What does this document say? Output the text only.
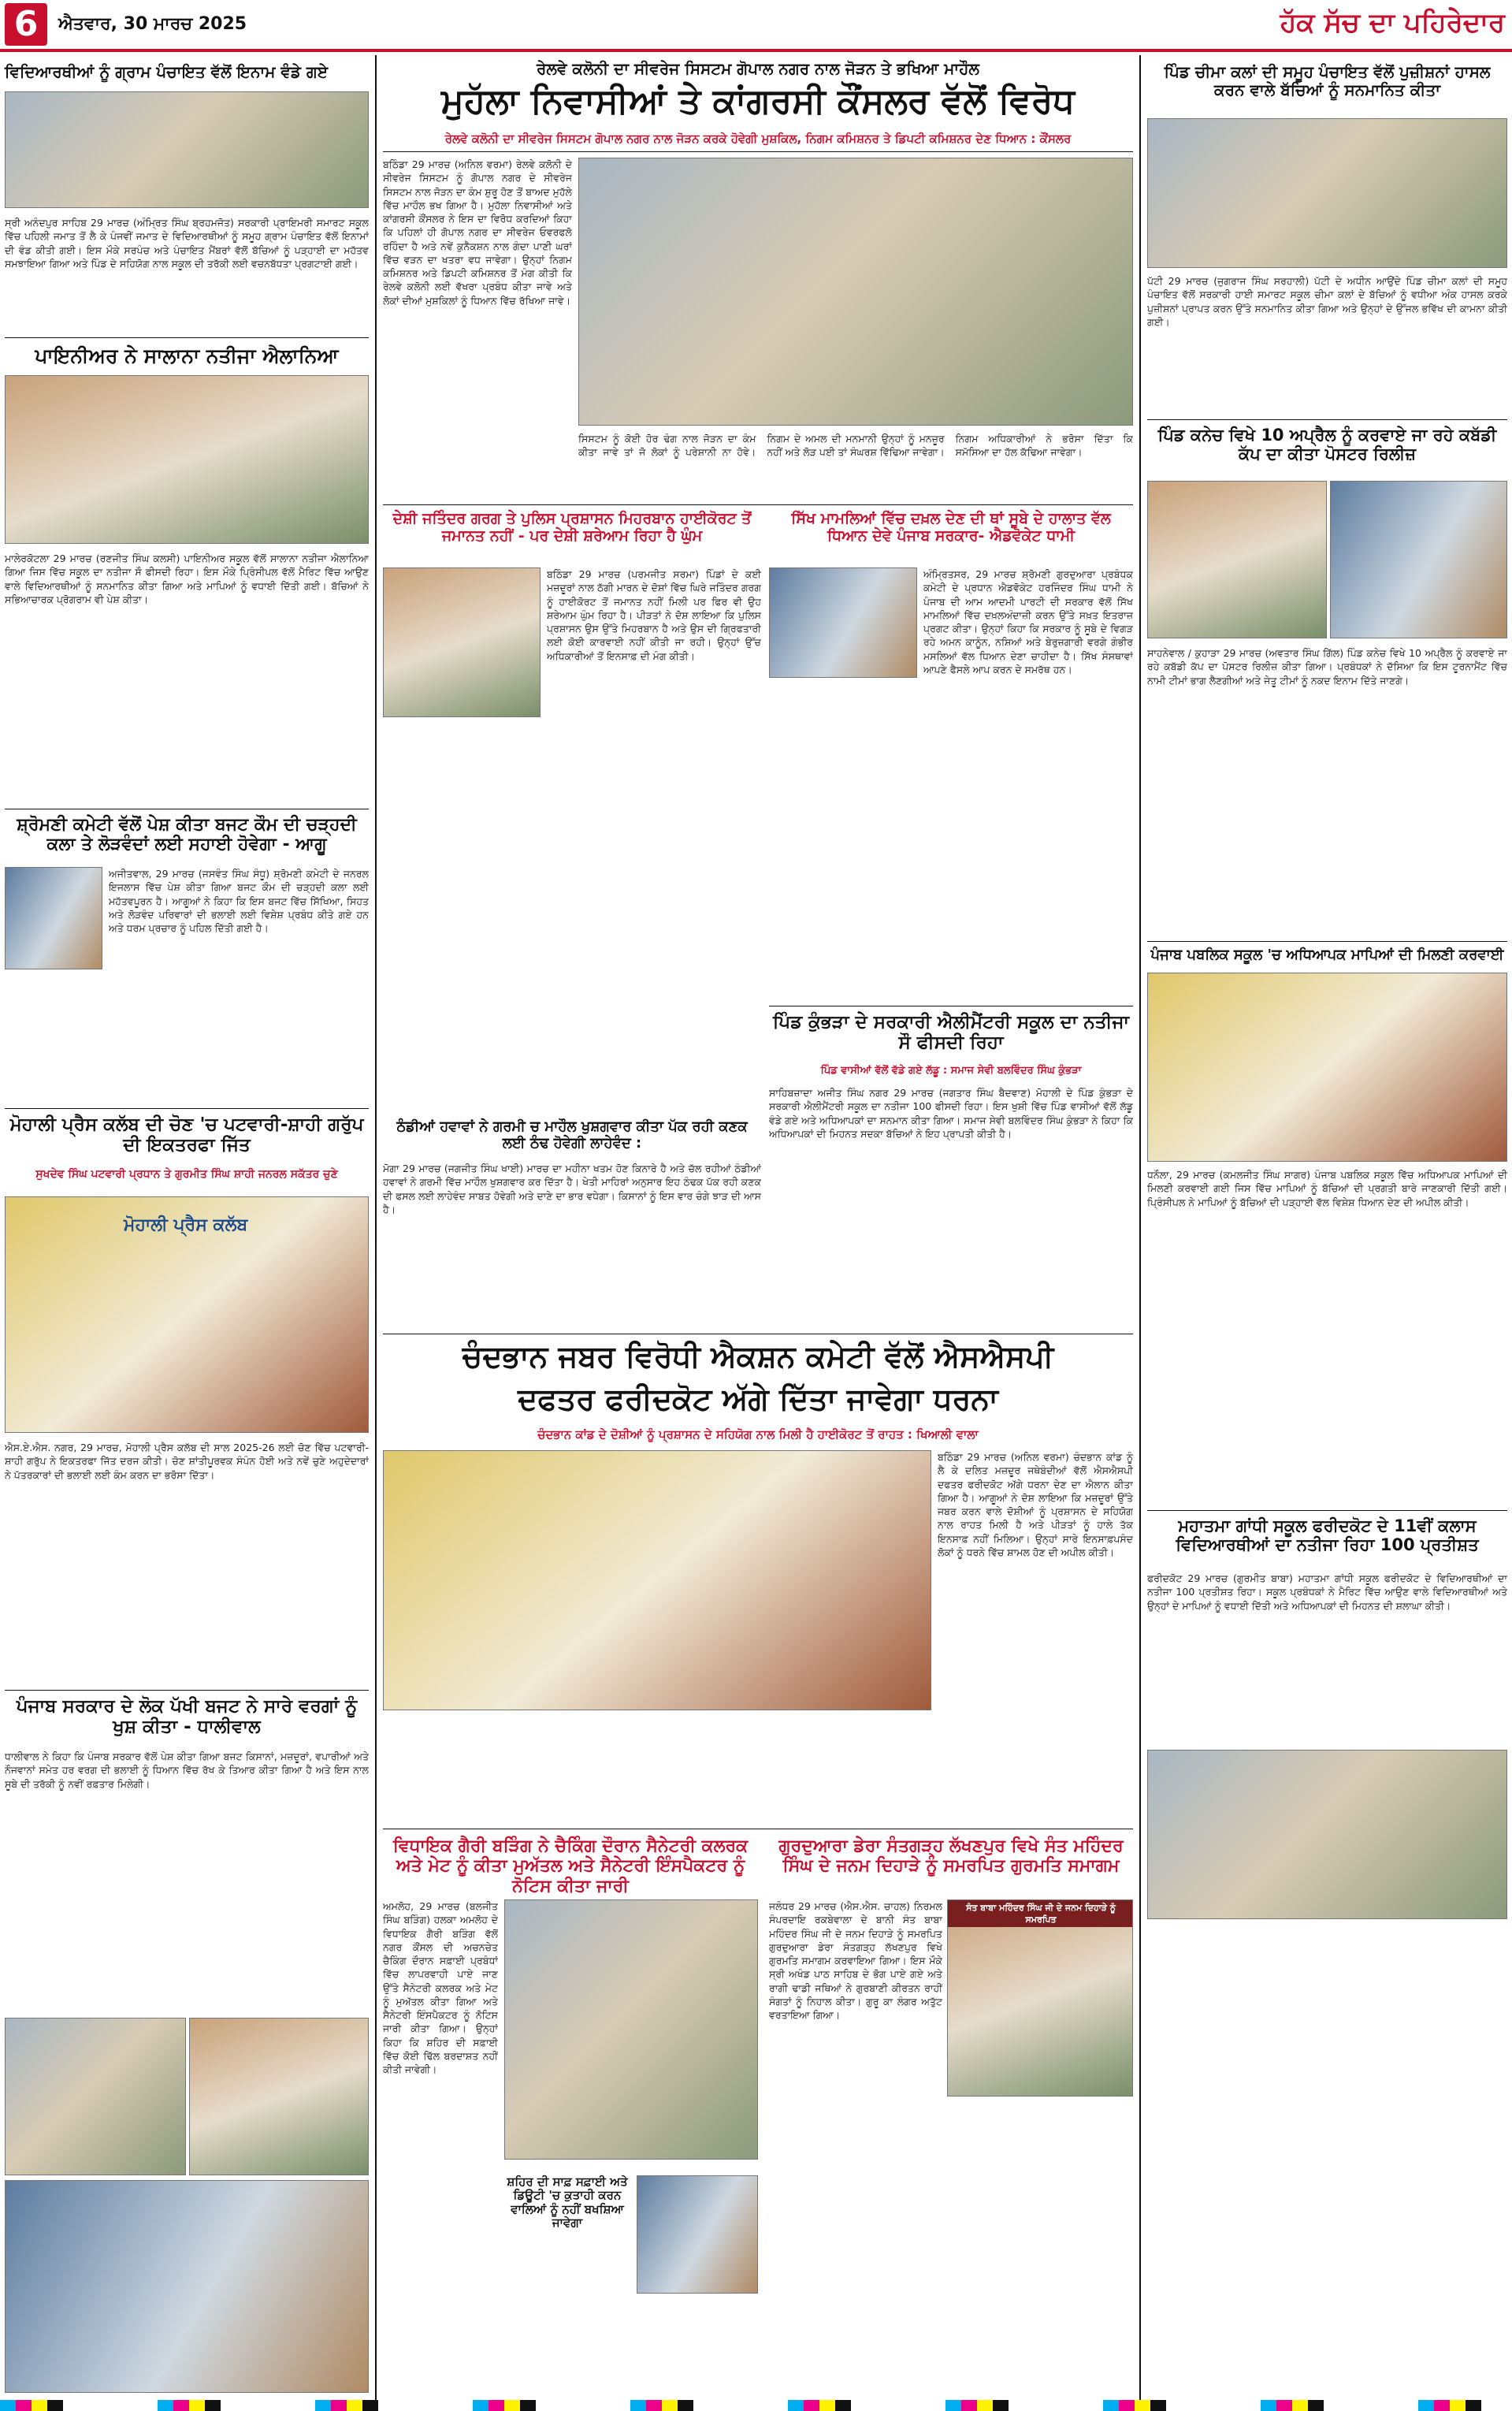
6	ਐਤਵਾਰ, 30 ਮਾਰਚ 2025	ਹੱਕ ਸੱਚ ਦਾ ਪਹਿਰੇਦਾਰ
ਵਿਦਿਆਰਥੀਆਂ ਨੂੰ ਗ੍ਰਾਮ ਪੰਚਾਇਤ ਵੱਲੋਂ ਇਨਾਮ ਵੰਡੇ ਗਏ
ਸ੍ਰੀ ਅਨੰਦਪੁਰ ਸਾਹਿਬ 29 ਮਾਰਚ (ਅੰਮ੍ਰਿਤ ਸਿੰਘ ਬ੍ਰਹਮਜੋਤ) ਸਰਕਾਰੀ ਪ੍ਰਾਇਮਰੀ ਸਮਾਰਟ ਸਕੂਲ ਵਿੱਚ ਪਹਿਲੀ ਜਮਾਤ ਤੋਂ ਲੈ ਕੇ ਪੰਜਵੀਂ ਜਮਾਤ ਦੇ ਵਿਦਿਆਰਥੀਆਂ ਨੂੰ ਸਮੂਹ ਗ੍ਰਾਮ ਪੰਚਾਇਤ ਵੱਲੋਂ ਇਨਾਮਾਂ ਦੀ ਵੰਡ ਕੀਤੀ ਗਈ। ਇਸ ਮੌਕੇ ਸਰਪੰਚ ਅਤੇ ਪੰਚਾਇਤ ਮੈਂਬਰਾਂ ਵੱਲੋਂ ਬੱਚਿਆਂ ਨੂੰ ਪੜ੍ਹਾਈ ਦਾ ਮਹੱਤਵ ਸਮਝਾਇਆ ਗਿਆ ਅਤੇ ਪਿੰਡ ਦੇ ਸਹਿਯੋਗ ਨਾਲ ਸਕੂਲ ਦੀ ਤਰੱਕੀ ਲਈ ਵਚਨਬੱਧਤਾ ਪ੍ਰਗਟਾਈ ਗਈ।
ਪਾਇਨੀਅਰ ਨੇ ਸਾਲਾਨਾ ਨਤੀਜਾ ਐਲਾਨਿਆ
ਮਾਲੇਰਕੋਟਲਾ 29 ਮਾਰਚ (ਰਣਜੀਤ ਸਿੰਘ ਕਲਸੀ) ਪਾਇਨੀਅਰ ਸਕੂਲ ਵੱਲੋਂ ਸਾਲਾਨਾ ਨਤੀਜਾ ਐਲਾਨਿਆ ਗਿਆ ਜਿਸ ਵਿੱਚ ਸਕੂਲ ਦਾ ਨਤੀਜਾ ਸੌ ਫੀਸਦੀ ਰਿਹਾ। ਇਸ ਮੌਕੇ ਪ੍ਰਿੰਸੀਪਲ ਵੱਲੋਂ ਮੈਰਿਟ ਵਿੱਚ ਆਉਣ ਵਾਲੇ ਵਿਦਿਆਰਥੀਆਂ ਨੂੰ ਸਨਮਾਨਿਤ ਕੀਤਾ ਗਿਆ ਅਤੇ ਮਾਪਿਆਂ ਨੂੰ ਵਧਾਈ ਦਿੱਤੀ ਗਈ। ਬੱਚਿਆਂ ਨੇ ਸਭਿਆਚਾਰਕ ਪ੍ਰੋਗਰਾਮ ਵੀ ਪੇਸ਼ ਕੀਤਾ।
ਸ਼੍ਰੋਮਣੀ ਕਮੇਟੀ ਵੱਲੋਂ ਪੇਸ਼ ਕੀਤਾ ਬਜਟ ਕੌਮ ਦੀ ਚੜ੍ਹਦੀ ਕਲਾ ਤੇ ਲੋੜਵੰਦਾਂ ਲਈ ਸਹਾਈ ਹੋਵੇਗਾ - ਆਗੂ
ਅਜੀਤਵਾਲ, 29 ਮਾਰਚ (ਜਸਵੰਤ ਸਿੰਘ ਸੰਧੂ) ਸ਼੍ਰੋਮਣੀ ਕਮੇਟੀ ਦੇ ਜਨਰਲ ਇਜਲਾਸ ਵਿੱਚ ਪੇਸ਼ ਕੀਤਾ ਗਿਆ ਬਜਟ ਕੌਮ ਦੀ ਚੜ੍ਹਦੀ ਕਲਾ ਲਈ ਮਹੱਤਵਪੂਰਨ ਹੈ। ਆਗੂਆਂ ਨੇ ਕਿਹਾ ਕਿ ਇਸ ਬਜਟ ਵਿੱਚ ਸਿੱਖਿਆ, ਸਿਹਤ ਅਤੇ ਲੋੜਵੰਦ ਪਰਿਵਾਰਾਂ ਦੀ ਭਲਾਈ ਲਈ ਵਿਸ਼ੇਸ਼ ਪ੍ਰਬੰਧ ਕੀਤੇ ਗਏ ਹਨ ਅਤੇ ਧਰਮ ਪ੍ਰਚਾਰ ਨੂੰ ਪਹਿਲ ਦਿੱਤੀ ਗਈ ਹੈ।
ਮੋਹਾਲੀ ਪ੍ਰੈਸ ਕਲੱਬ ਦੀ ਚੋਣ 'ਚ ਪਟਵਾਰੀ-ਸ਼ਾਹੀ ਗਰੁੱਪ ਦੀ ਇਕਤਰਫਾ ਜਿੱਤ
ਸੁਖਦੇਵ ਸਿੰਘ ਪਟਵਾਰੀ ਪ੍ਰਧਾਨ ਤੇ ਗੁਰਮੀਤ ਸਿੰਘ ਸ਼ਾਹੀ ਜਨਰਲ ਸਕੱਤਰ ਚੁਣੇ
ਮੋਹਾਲੀ ਪ੍ਰੈਸ ਕਲੱਬ
ਐਸ.ਏ.ਐਸ. ਨਗਰ, 29 ਮਾਰਚ, ਮੋਹਾਲੀ ਪ੍ਰੈਸ ਕਲੱਬ ਦੀ ਸਾਲ 2025-26 ਲਈ ਚੋਣ ਵਿੱਚ ਪਟਵਾਰੀ-ਸ਼ਾਹੀ ਗਰੁੱਪ ਨੇ ਇਕਤਰਫਾ ਜਿੱਤ ਦਰਜ ਕੀਤੀ। ਚੋਣ ਸ਼ਾਂਤੀਪੂਰਵਕ ਸੰਪੰਨ ਹੋਈ ਅਤੇ ਨਵੇਂ ਚੁਣੇ ਅਹੁਦੇਦਾਰਾਂ ਨੇ ਪੱਤਰਕਾਰਾਂ ਦੀ ਭਲਾਈ ਲਈ ਕੰਮ ਕਰਨ ਦਾ ਭਰੋਸਾ ਦਿੱਤਾ।
ਪੰਜਾਬ ਸਰਕਾਰ ਦੇ ਲੋਕ ਪੱਖੀ ਬਜਟ ਨੇ ਸਾਰੇ ਵਰਗਾਂ ਨੂੰ ਖੁਸ਼ ਕੀਤਾ - ਧਾਲੀਵਾਲ
ਧਾਲੀਵਾਲ ਨੇ ਕਿਹਾ ਕਿ ਪੰਜਾਬ ਸਰਕਾਰ ਵੱਲੋਂ ਪੇਸ਼ ਕੀਤਾ ਗਿਆ ਬਜਟ ਕਿਸਾਨਾਂ, ਮਜ਼ਦੂਰਾਂ, ਵਪਾਰੀਆਂ ਅਤੇ ਨੌਜਵਾਨਾਂ ਸਮੇਤ ਹਰ ਵਰਗ ਦੀ ਭਲਾਈ ਨੂੰ ਧਿਆਨ ਵਿੱਚ ਰੱਖ ਕੇ ਤਿਆਰ ਕੀਤਾ ਗਿਆ ਹੈ ਅਤੇ ਇਸ ਨਾਲ ਸੂਬੇ ਦੀ ਤਰੱਕੀ ਨੂੰ ਨਵੀਂ ਰਫ਼ਤਾਰ ਮਿਲੇਗੀ।
ਰੇਲਵੇ ਕਲੋਨੀ ਦਾ ਸੀਵਰੇਜ ਸਿਸਟਮ ਗੋਪਾਲ ਨਗਰ ਨਾਲ ਜੋੜਨ ਤੇ ਭਖਿਆ ਮਾਹੌਲ
ਮੁਹੱਲਾ ਨਿਵਾਸੀਆਂ ਤੇ ਕਾਂਗਰਸੀ ਕੌਂਸਲਰ ਵੱਲੋਂ ਵਿਰੋਧ
ਰੇਲਵੇ ਕਲੋਨੀ ਦਾ ਸੀਵਰੇਜ ਸਿਸਟਮ ਗੋਪਾਲ ਨਗਰ ਨਾਲ ਜੋੜਨ ਕਰਕੇ ਹੋਵੇਗੀ ਮੁਸ਼ਕਿਲ, ਨਿਗਮ ਕਮਿਸ਼ਨਰ ਤੇ ਡਿਪਟੀ ਕਮਿਸ਼ਨਰ ਦੇਣ ਧਿਆਨ : ਕੌਂਸਲਰ
ਬਠਿੰਡਾ 29 ਮਾਰਚ (ਅਨਿਲ ਵਰਮਾ) ਰੇਲਵੇ ਕਲੋਨੀ ਦੇ ਸੀਵਰੇਜ ਸਿਸਟਮ ਨੂੰ ਗੋਪਾਲ ਨਗਰ ਦੇ ਸੀਵਰੇਜ ਸਿਸਟਮ ਨਾਲ ਜੋੜਨ ਦਾ ਕੰਮ ਸ਼ੁਰੂ ਹੋਣ ਤੋਂ ਬਾਅਦ ਮੁਹੱਲੇ ਵਿੱਚ ਮਾਹੌਲ ਭਖ ਗਿਆ ਹੈ। ਮੁਹੱਲਾ ਨਿਵਾਸੀਆਂ ਅਤੇ ਕਾਂਗਰਸੀ ਕੌਂਸਲਰ ਨੇ ਇਸ ਦਾ ਵਿਰੋਧ ਕਰਦਿਆਂ ਕਿਹਾ ਕਿ ਪਹਿਲਾਂ ਹੀ ਗੋਪਾਲ ਨਗਰ ਦਾ ਸੀਵਰੇਜ ਓਵਰਫਲੋ ਰਹਿੰਦਾ ਹੈ ਅਤੇ ਨਵੇਂ ਕੁਨੈਕਸ਼ਨ ਨਾਲ ਗੰਦਾ ਪਾਣੀ ਘਰਾਂ ਵਿੱਚ ਵੜਨ ਦਾ ਖਤਰਾ ਵਧ ਜਾਵੇਗਾ। ਉਨ੍ਹਾਂ ਨਿਗਮ ਕਮਿਸ਼ਨਰ ਅਤੇ ਡਿਪਟੀ ਕਮਿਸ਼ਨਰ ਤੋਂ ਮੰਗ ਕੀਤੀ ਕਿ ਰੇਲਵੇ ਕਲੋਨੀ ਲਈ ਵੱਖਰਾ ਪ੍ਰਬੰਧ ਕੀਤਾ ਜਾਵੇ ਅਤੇ ਲੋਕਾਂ ਦੀਆਂ ਮੁਸ਼ਕਿਲਾਂ ਨੂੰ ਧਿਆਨ ਵਿੱਚ ਰੱਖਿਆ ਜਾਵੇ।
ਸਿਸਟਮ ਨੂੰ ਕੋਈ ਹੋਰ ਢੰਗ ਨਾਲ ਜੋੜਨ ਦਾ ਕੰਮ ਕੀਤਾ ਜਾਵੇ ਤਾਂ ਜੋ ਲੋਕਾਂ ਨੂੰ ਪਰੇਸ਼ਾਨੀ ਨਾ ਹੋਵੇ। ਨਿਗਮ ਦੇ ਅਮਲ ਦੀ ਮਨਮਾਨੀ ਉਨ੍ਹਾਂ ਨੂੰ ਮਨਜ਼ੂਰ ਨਹੀਂ ਅਤੇ ਲੋੜ ਪਈ ਤਾਂ ਸੰਘਰਸ਼ ਵਿੱਢਿਆ ਜਾਵੇਗਾ। ਨਿਗਮ ਅਧਿਕਾਰੀਆਂ ਨੇ ਭਰੋਸਾ ਦਿੱਤਾ ਕਿ ਸਮੱਸਿਆ ਦਾ ਹੱਲ ਕੱਢਿਆ ਜਾਵੇਗਾ।
ਦੇਸ਼ੀ ਜਤਿੰਦਰ ਗਰਗ ਤੇ ਪੁਲਿਸ ਪ੍ਰਸ਼ਾਸਨ ਮਿਹਰਬਾਨ ਹਾਈਕੋਰਟ ਤੋਂ ਜਮਾਨਤ ਨਹੀਂ - ਪਰ ਦੇਸ਼ੀ ਸ਼ਰੇਆਮ ਰਿਹਾ ਹੈ ਘੁੰਮ
ਬਠਿੰਡਾ 29 ਮਾਰਚ (ਪਰਮਜੀਤ ਸਰਮਾ) ਪਿੰਡਾਂ ਦੇ ਕਈ ਮਜ਼ਦੂਰਾਂ ਨਾਲ ਠੱਗੀ ਮਾਰਨ ਦੇ ਦੋਸ਼ਾਂ ਵਿੱਚ ਘਿਰੇ ਜਤਿੰਦਰ ਗਰਗ ਨੂੰ ਹਾਈਕੋਰਟ ਤੋਂ ਜਮਾਨਤ ਨਹੀਂ ਮਿਲੀ ਪਰ ਫਿਰ ਵੀ ਉਹ ਸ਼ਰੇਆਮ ਘੁੰਮ ਰਿਹਾ ਹੈ। ਪੀੜਤਾਂ ਨੇ ਦੋਸ਼ ਲਾਇਆ ਕਿ ਪੁਲਿਸ ਪ੍ਰਸ਼ਾਸਨ ਉਸ ਉੱਤੇ ਮਿਹਰਬਾਨ ਹੈ ਅਤੇ ਉਸ ਦੀ ਗ੍ਰਿਫਤਾਰੀ ਲਈ ਕੋਈ ਕਾਰਵਾਈ ਨਹੀਂ ਕੀਤੀ ਜਾ ਰਹੀ। ਉਨ੍ਹਾਂ ਉੱਚ ਅਧਿਕਾਰੀਆਂ ਤੋਂ ਇਨਸਾਫ਼ ਦੀ ਮੰਗ ਕੀਤੀ।
ਸਿੱਖ ਮਾਮਲਿਆਂ ਵਿੱਚ ਦਖ਼ਲ ਦੇਣ ਦੀ ਥਾਂ ਸੂਬੇ ਦੇ ਹਾਲਾਤ ਵੱਲ ਧਿਆਨ ਦੇਵੇ ਪੰਜਾਬ ਸਰਕਾਰ- ਐਡਵੋਕੇਟ ਧਾਮੀ
ਅੰਮ੍ਰਿਤਸਰ, 29 ਮਾਰਚ ਸ਼੍ਰੋਮਣੀ ਗੁਰਦੁਆਰਾ ਪ੍ਰਬੰਧਕ ਕਮੇਟੀ ਦੇ ਪ੍ਰਧਾਨ ਐਡਵੋਕੇਟ ਹਰਜਿੰਦਰ ਸਿੰਘ ਧਾਮੀ ਨੇ ਪੰਜਾਬ ਦੀ ਆਮ ਆਦਮੀ ਪਾਰਟੀ ਦੀ ਸਰਕਾਰ ਵੱਲੋਂ ਸਿੱਖ ਮਾਮਲਿਆਂ ਵਿੱਚ ਦਖ਼ਲਅੰਦਾਜ਼ੀ ਕਰਨ ਉੱਤੇ ਸਖ਼ਤ ਇਤਰਾਜ਼ ਪ੍ਰਗਟ ਕੀਤਾ। ਉਨ੍ਹਾਂ ਕਿਹਾ ਕਿ ਸਰਕਾਰ ਨੂੰ ਸੂਬੇ ਦੇ ਵਿਗੜ ਰਹੇ ਅਮਨ ਕਾਨੂੰਨ, ਨਸ਼ਿਆਂ ਅਤੇ ਬੇਰੁਜ਼ਗਾਰੀ ਵਰਗੇ ਗੰਭੀਰ ਮਸਲਿਆਂ ਵੱਲ ਧਿਆਨ ਦੇਣਾ ਚਾਹੀਦਾ ਹੈ। ਸਿੱਖ ਸੰਸਥਾਵਾਂ ਆਪਣੇ ਫੈਸਲੇ ਆਪ ਕਰਨ ਦੇ ਸਮਰੱਥ ਹਨ।
ਪਿੰਡ ਕੁੰਭੜਾ ਦੇ ਸਰਕਾਰੀ ਐਲੀਮੈਂਟਰੀ ਸਕੂਲ ਦਾ ਨਤੀਜਾ ਸੌ ਫੀਸਦੀ ਰਿਹਾ
ਪਿੰਡ ਵਾਸੀਆਂ ਵੱਲੋਂ ਵੱਡੇ ਗਏ ਲੱਡੂ : ਸਮਾਜ ਸੇਵੀ ਬਲਵਿੰਦਰ ਸਿੰਘ ਕੁੰਭੜਾ
ਸਾਹਿਬਜ਼ਾਦਾ ਅਜੀਤ ਸਿੰਘ ਨਗਰ 29 ਮਾਰਚ (ਜਗਤਾਰ ਸਿੰਘ ਬੈਦਵਾਣ) ਮੋਹਾਲੀ ਦੇ ਪਿੰਡ ਕੁੰਭੜਾ ਦੇ ਸਰਕਾਰੀ ਐਲੀਮੈਂਟਰੀ ਸਕੂਲ ਦਾ ਨਤੀਜਾ 100 ਫੀਸਦੀ ਰਿਹਾ। ਇਸ ਖੁਸ਼ੀ ਵਿੱਚ ਪਿੰਡ ਵਾਸੀਆਂ ਵੱਲੋਂ ਲੱਡੂ ਵੰਡੇ ਗਏ ਅਤੇ ਅਧਿਆਪਕਾਂ ਦਾ ਸਨਮਾਨ ਕੀਤਾ ਗਿਆ। ਸਮਾਜ ਸੇਵੀ ਬਲਵਿੰਦਰ ਸਿੰਘ ਕੁੰਭੜਾ ਨੇ ਕਿਹਾ ਕਿ ਅਧਿਆਪਕਾਂ ਦੀ ਮਿਹਨਤ ਸਦਕਾ ਬੱਚਿਆਂ ਨੇ ਇਹ ਪ੍ਰਾਪਤੀ ਕੀਤੀ ਹੈ।
ਠੰਡੀਆਂ ਹਵਾਵਾਂ ਨੇ ਗਰਮੀ ਚ ਮਾਹੌਲ ਖੁਸ਼ਗਵਾਰ ਕੀਤਾ ਪੱਕ ਰਹੀ ਕਣਕ ਲਈ ਠੰਢ ਹੋਵੇਗੀ ਲਾਹੇਵੰਦ :
ਮੋਗਾ 29 ਮਾਰਚ (ਜਗਜੀਤ ਸਿੰਘ ਖਾਈ) ਮਾਰਚ ਦਾ ਮਹੀਨਾ ਖਤਮ ਹੋਣ ਕਿਨਾਰੇ ਹੈ ਅਤੇ ਚੱਲ ਰਹੀਆਂ ਠੰਡੀਆਂ ਹਵਾਵਾਂ ਨੇ ਗਰਮੀ ਵਿੱਚ ਮਾਹੌਲ ਖੁਸ਼ਗਵਾਰ ਕਰ ਦਿੱਤਾ ਹੈ। ਖੇਤੀ ਮਾਹਿਰਾਂ ਅਨੁਸਾਰ ਇਹ ਠੰਢਕ ਪੱਕ ਰਹੀ ਕਣਕ ਦੀ ਫਸਲ ਲਈ ਲਾਹੇਵੰਦ ਸਾਬਤ ਹੋਵੇਗੀ ਅਤੇ ਦਾਣੇ ਦਾ ਭਾਰ ਵਧੇਗਾ। ਕਿਸਾਨਾਂ ਨੂੰ ਇਸ ਵਾਰ ਚੰਗੇ ਝਾੜ ਦੀ ਆਸ ਹੈ।
ਚੰਦਭਾਨ ਜਬਰ ਵਿਰੋਧੀ ਐਕਸ਼ਨ ਕਮੇਟੀ ਵੱਲੋਂ ਐਸਐਸਪੀ
ਦਫਤਰ ਫਰੀਦਕੋਟ ਅੱਗੇ ਦਿੱਤਾ ਜਾਵੇਗਾ ਧਰਨਾ
ਚੰਦਭਾਨ ਕਾਂਡ ਦੇ ਦੋਸ਼ੀਆਂ ਨੂੰ ਪ੍ਰਸ਼ਾਸਨ ਦੇ ਸਹਿਯੋਗ ਨਾਲ ਮਿਲੀ ਹੈ ਹਾਈਕੋਰਟ ਤੋਂ ਰਾਹਤ : ਖਿਆਲੀ ਵਾਲਾ
ਬਠਿੰਡਾ 29 ਮਾਰਚ (ਅਨਿਲ ਵਰਮਾ) ਚੰਦਭਾਨ ਕਾਂਡ ਨੂੰ ਲੈ ਕੇ ਦਲਿਤ ਮਜ਼ਦੂਰ ਜਥੇਬੰਦੀਆਂ ਵੱਲੋਂ ਐਸਐਸਪੀ ਦਫਤਰ ਫਰੀਦਕੋਟ ਅੱਗੇ ਧਰਨਾ ਦੇਣ ਦਾ ਐਲਾਨ ਕੀਤਾ ਗਿਆ ਹੈ। ਆਗੂਆਂ ਨੇ ਦੋਸ਼ ਲਾਇਆ ਕਿ ਮਜ਼ਦੂਰਾਂ ਉੱਤੇ ਜਬਰ ਕਰਨ ਵਾਲੇ ਦੋਸ਼ੀਆਂ ਨੂੰ ਪ੍ਰਸ਼ਾਸਨ ਦੇ ਸਹਿਯੋਗ ਨਾਲ ਰਾਹਤ ਮਿਲੀ ਹੈ ਅਤੇ ਪੀੜਤਾਂ ਨੂੰ ਹਾਲੇ ਤੱਕ ਇਨਸਾਫ਼ ਨਹੀਂ ਮਿਲਿਆ। ਉਨ੍ਹਾਂ ਸਾਰੇ ਇਨਸਾਫ਼ਪਸੰਦ ਲੋਕਾਂ ਨੂੰ ਧਰਨੇ ਵਿੱਚ ਸ਼ਾਮਲ ਹੋਣ ਦੀ ਅਪੀਲ ਕੀਤੀ।
ਵਿਧਾਇਕ ਗੈਰੀ ਬੜਿੰਗ ਨੇ ਚੈਕਿੰਗ ਦੌਰਾਨ ਸੈਨੇਟਰੀ ਕਲਰਕ ਅਤੇ ਮੇਟ ਨੂੰ ਕੀਤਾ ਮੁਅੱਤਲ ਅਤੇ ਸੈਨੇਟਰੀ ਇੰਸਪੈਕਟਰ ਨੂੰ ਨੋਟਿਸ ਕੀਤਾ ਜਾਰੀ
ਅਮਲੋਹ, 29 ਮਾਰਚ (ਬਲਜੀਤ ਸਿੰਘ ਬੜਿੰਗ) ਹਲਕਾ ਅਮਲੋਹ ਦੇ ਵਿਧਾਇਕ ਗੈਰੀ ਬੜਿੰਗ ਵੱਲੋਂ ਨਗਰ ਕੌਂਸਲ ਦੀ ਅਚਨਚੇਤ ਚੈਕਿੰਗ ਦੌਰਾਨ ਸਫ਼ਾਈ ਪ੍ਰਬੰਧਾਂ ਵਿੱਚ ਲਾਪਰਵਾਹੀ ਪਾਏ ਜਾਣ ਉੱਤੇ ਸੈਨੇਟਰੀ ਕਲਰਕ ਅਤੇ ਮੇਟ ਨੂੰ ਮੁਅੱਤਲ ਕੀਤਾ ਗਿਆ ਅਤੇ ਸੈਨੇਟਰੀ ਇੰਸਪੈਕਟਰ ਨੂੰ ਨੋਟਿਸ ਜਾਰੀ ਕੀਤਾ ਗਿਆ। ਉਨ੍ਹਾਂ ਕਿਹਾ ਕਿ ਸ਼ਹਿਰ ਦੀ ਸਫ਼ਾਈ ਵਿੱਚ ਕੋਈ ਢਿੱਲ ਬਰਦਾਸ਼ਤ ਨਹੀਂ ਕੀਤੀ ਜਾਵੇਗੀ।
ਸ਼ਹਿਰ ਦੀ ਸਾਫ਼ ਸਫ਼ਾਈ ਅਤੇ ਡਿਊਟੀ 'ਚ ਕੁਤਾਹੀ ਕਰਨ ਵਾਲਿਆਂ ਨੂੰ ਨਹੀਂ ਬਖਸ਼ਿਆ ਜਾਵੇਗਾ
ਗੁਰਦੁਆਰਾ ਡੇਰਾ ਸੰਤਗੜ੍ਹ ਲੱਖਣਪੁਰ ਵਿਖੇ ਸੰਤ ਮਹਿੰਦਰ ਸਿੰਘ ਦੇ ਜਨਮ ਦਿਹਾੜੇ ਨੂੰ ਸਮਰਪਿਤ ਗੁਰਮਤਿ ਸਮਾਗਮ
ਜਲੰਧਰ 29 ਮਾਰਚ (ਐਸ.ਐਸ. ਚਾਹਲ) ਨਿਰਮਲ ਸੰਪਰਦਾਇ ਰਕਬੇਵਾਲਾ ਦੇ ਬਾਨੀ ਸੰਤ ਬਾਬਾ ਮਹਿੰਦਰ ਸਿੰਘ ਜੀ ਦੇ ਜਨਮ ਦਿਹਾੜੇ ਨੂੰ ਸਮਰਪਿਤ ਗੁਰਦੁਆਰਾ ਡੇਰਾ ਸੰਤਗੜ੍ਹ ਲੱਖਣਪੁਰ ਵਿਖੇ ਗੁਰਮਤਿ ਸਮਾਗਮ ਕਰਵਾਇਆ ਗਿਆ। ਇਸ ਮੌਕੇ ਸ੍ਰੀ ਅਖੰਡ ਪਾਠ ਸਾਹਿਬ ਦੇ ਭੋਗ ਪਾਏ ਗਏ ਅਤੇ ਰਾਗੀ ਢਾਡੀ ਜਥਿਆਂ ਨੇ ਗੁਰਬਾਣੀ ਕੀਰਤਨ ਰਾਹੀਂ ਸੰਗਤਾਂ ਨੂੰ ਨਿਹਾਲ ਕੀਤਾ। ਗੁਰੂ ਕਾ ਲੰਗਰ ਅਤੁੱਟ ਵਰਤਾਇਆ ਗਿਆ।
ਸੰਤ ਬਾਬਾ ਮਹਿੰਦਰ ਸਿੰਘ ਜੀ ਦੇ ਜਨਮ ਦਿਹਾੜੇ ਨੂੰ ਸਮਰਪਿਤ
ਪਿੰਡ ਚੀਮਾ ਕਲਾਂ ਦੀ ਸਮੂਹ ਪੰਚਾਇਤ ਵੱਲੋਂ ਪੁਜ਼ੀਸ਼ਨਾਂ ਹਾਸਲ ਕਰਨ ਵਾਲੇ ਬੱਚਿਆਂ ਨੂੰ ਸਨਮਾਨਿਤ ਕੀਤਾ
ਪੱਟੀ 29 ਮਾਰਚ (ਜੁਗਰਾਜ ਸਿੰਘ ਸਰਹਾਲੀ) ਪੱਟੀ ਦੇ ਅਧੀਨ ਆਉਂਦੇ ਪਿੰਡ ਚੀਮਾ ਕਲਾਂ ਦੀ ਸਮੂਹ ਪੰਚਾਇਤ ਵੱਲੋਂ ਸਰਕਾਰੀ ਹਾਈ ਸਮਾਰਟ ਸਕੂਲ ਚੀਮਾ ਕਲਾਂ ਦੇ ਬੱਚਿਆਂ ਨੂੰ ਵਧੀਆ ਅੰਕ ਹਾਸਲ ਕਰਕੇ ਪੁਜ਼ੀਸ਼ਨਾਂ ਪ੍ਰਾਪਤ ਕਰਨ ਉੱਤੇ ਸਨਮਾਨਿਤ ਕੀਤਾ ਗਿਆ ਅਤੇ ਉਨ੍ਹਾਂ ਦੇ ਉੱਜਲ ਭਵਿੱਖ ਦੀ ਕਾਮਨਾ ਕੀਤੀ ਗਈ।
ਪਿੰਡ ਕਨੇਚ ਵਿਖੇ 10 ਅਪ੍ਰੈਲ ਨੂੰ ਕਰਵਾਏ ਜਾ ਰਹੇ ਕਬੱਡੀ ਕੱਪ ਦਾ ਕੀਤਾ ਪੋਸਟਰ ਰਿਲੀਜ਼
ਸਾਹਨੇਵਾਲ / ਕੁਹਾੜਾ 29 ਮਾਰਚ (ਅਵਤਾਰ ਸਿੰਘ ਗਿੱਲ) ਪਿੰਡ ਕਨੇਚ ਵਿਖੇ 10 ਅਪ੍ਰੈਲ ਨੂੰ ਕਰਵਾਏ ਜਾ ਰਹੇ ਕਬੱਡੀ ਕੱਪ ਦਾ ਪੋਸਟਰ ਰਿਲੀਜ਼ ਕੀਤਾ ਗਿਆ। ਪ੍ਰਬੰਧਕਾਂ ਨੇ ਦੱਸਿਆ ਕਿ ਇਸ ਟੂਰਨਾਮੈਂਟ ਵਿੱਚ ਨਾਮੀ ਟੀਮਾਂ ਭਾਗ ਲੈਣਗੀਆਂ ਅਤੇ ਜੇਤੂ ਟੀਮਾਂ ਨੂੰ ਨਕਦ ਇਨਾਮ ਦਿੱਤੇ ਜਾਣਗੇ।
ਪੰਜਾਬ ਪਬਲਿਕ ਸਕੂਲ 'ਚ ਅਧਿਆਪਕ ਮਾਪਿਆਂ ਦੀ ਮਿਲਣੀ ਕਰਵਾਈ
ਧਨੌਲਾ, 29 ਮਾਰਚ (ਕਮਲਜੀਤ ਸਿੰਘ ਸਾਗਰ) ਪੰਜਾਬ ਪਬਲਿਕ ਸਕੂਲ ਵਿੱਚ ਅਧਿਆਪਕ ਮਾਪਿਆਂ ਦੀ ਮਿਲਣੀ ਕਰਵਾਈ ਗਈ ਜਿਸ ਵਿੱਚ ਮਾਪਿਆਂ ਨੂੰ ਬੱਚਿਆਂ ਦੀ ਪ੍ਰਗਤੀ ਬਾਰੇ ਜਾਣਕਾਰੀ ਦਿੱਤੀ ਗਈ। ਪ੍ਰਿੰਸੀਪਲ ਨੇ ਮਾਪਿਆਂ ਨੂੰ ਬੱਚਿਆਂ ਦੀ ਪੜ੍ਹਾਈ ਵੱਲ ਵਿਸ਼ੇਸ਼ ਧਿਆਨ ਦੇਣ ਦੀ ਅਪੀਲ ਕੀਤੀ।
ਮਹਾਤਮਾ ਗਾਂਧੀ ਸਕੂਲ ਫਰੀਦਕੋਟ ਦੇ 11ਵੀਂ ਕਲਾਸ ਵਿਦਿਆਰਥੀਆਂ ਦਾ ਨਤੀਜਾ ਰਿਹਾ 100 ਪ੍ਰਤੀਸ਼ਤ
ਫਰੀਦਕੋਟ 29 ਮਾਰਚ (ਗੁਰਮੀਤ ਬਾਬਾ) ਮਹਾਤਮਾ ਗਾਂਧੀ ਸਕੂਲ ਫਰੀਦਕੋਟ ਦੇ ਵਿਦਿਆਰਥੀਆਂ ਦਾ ਨਤੀਜਾ 100 ਪ੍ਰਤੀਸ਼ਤ ਰਿਹਾ। ਸਕੂਲ ਪ੍ਰਬੰਧਕਾਂ ਨੇ ਮੈਰਿਟ ਵਿੱਚ ਆਉਣ ਵਾਲੇ ਵਿਦਿਆਰਥੀਆਂ ਅਤੇ ਉਨ੍ਹਾਂ ਦੇ ਮਾਪਿਆਂ ਨੂੰ ਵਧਾਈ ਦਿੱਤੀ ਅਤੇ ਅਧਿਆਪਕਾਂ ਦੀ ਮਿਹਨਤ ਦੀ ਸ਼ਲਾਘਾ ਕੀਤੀ।
